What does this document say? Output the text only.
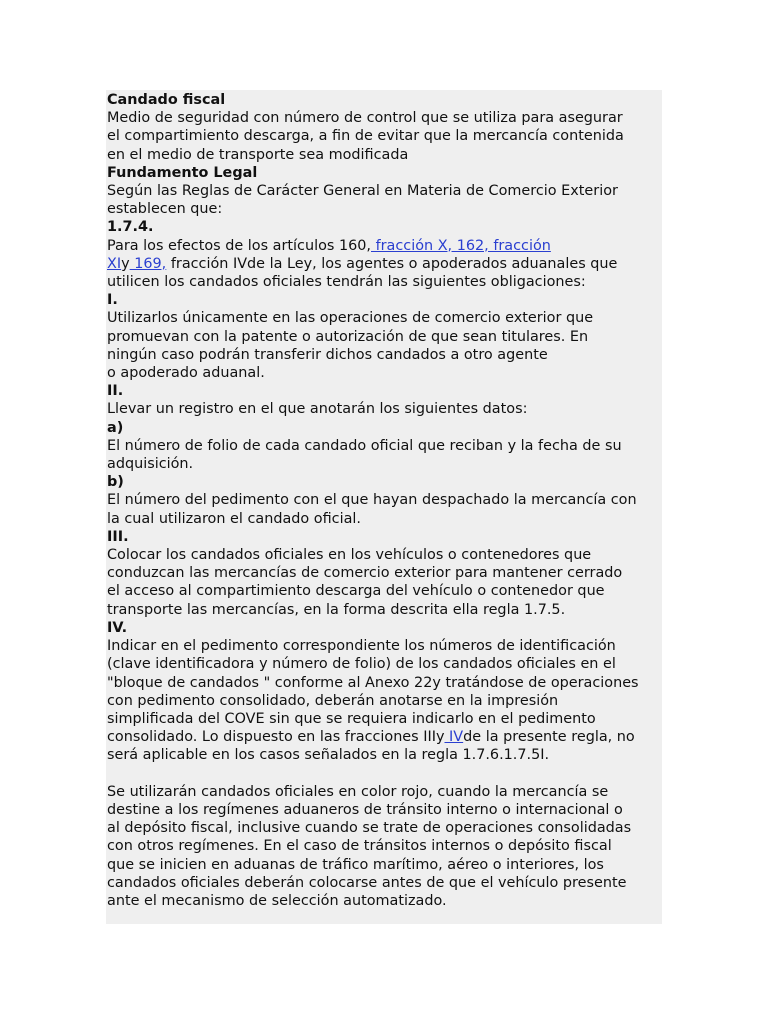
Candado fiscal
Medio de seguridad con número de control que se utiliza para asegurar
el compartimiento descarga, a fin de evitar que la mercancía contenida
en el medio de transporte sea modificada
Fundamento Legal
Según las Reglas de Carácter General en Materia de Comercio Exterior
establecen que:
1.7.4.
Para los efectos de los artículos 160, fracción X, 162, fracción
XIy 169, fracción IVde la Ley, los agentes o apoderados aduanales que
utilicen los candados oficiales tendrán las siguientes obligaciones:
I.
Utilizarlos únicamente en las operaciones de comercio exterior que
promuevan con la patente o autorización de que sean titulares. En
ningún caso podrán transferir dichos candados a otro agente
o apoderado aduanal.
II.
Llevar un registro en el que anotarán los siguientes datos:
a)
El número de folio de cada candado oficial que reciban y la fecha de su
adquisición.
b)
El número del pedimento con el que hayan despachado la mercancía con
la cual utilizaron el candado oficial.
III.
Colocar los candados oficiales en los vehículos o contenedores que
conduzcan las mercancías de comercio exterior para mantener cerrado
el acceso al compartimiento descarga del vehículo o contenedor que
transporte las mercancías, en la forma descrita ella regla 1.7.5.
IV.
Indicar en el pedimento correspondiente los números de identificación
(clave identificadora y número de folio) de los candados oficiales en el
"bloque de candados " conforme al Anexo 22y tratándose de operaciones
con pedimento consolidado, deberán anotarse en la impresión
simplificada del COVE sin que se requiera indicarlo en el pedimento
consolidado. Lo dispuesto en las fracciones IIIy IVde la presente regla, no
será aplicable en los casos señalados en la regla 1.7.6.1.7.5I.
Se utilizarán candados oficiales en color rojo, cuando la mercancía se
destine a los regímenes aduaneros de tránsito interno o internacional o
al depósito fiscal, inclusive cuando se trate de operaciones consolidadas
con otros regímenes. En el caso de tránsitos internos o depósito fiscal
que se inicien en aduanas de tráfico marítimo, aéreo o interiores, los
candados oficiales deberán colocarse antes de que el vehículo presente
ante el mecanismo de selección automatizado.
